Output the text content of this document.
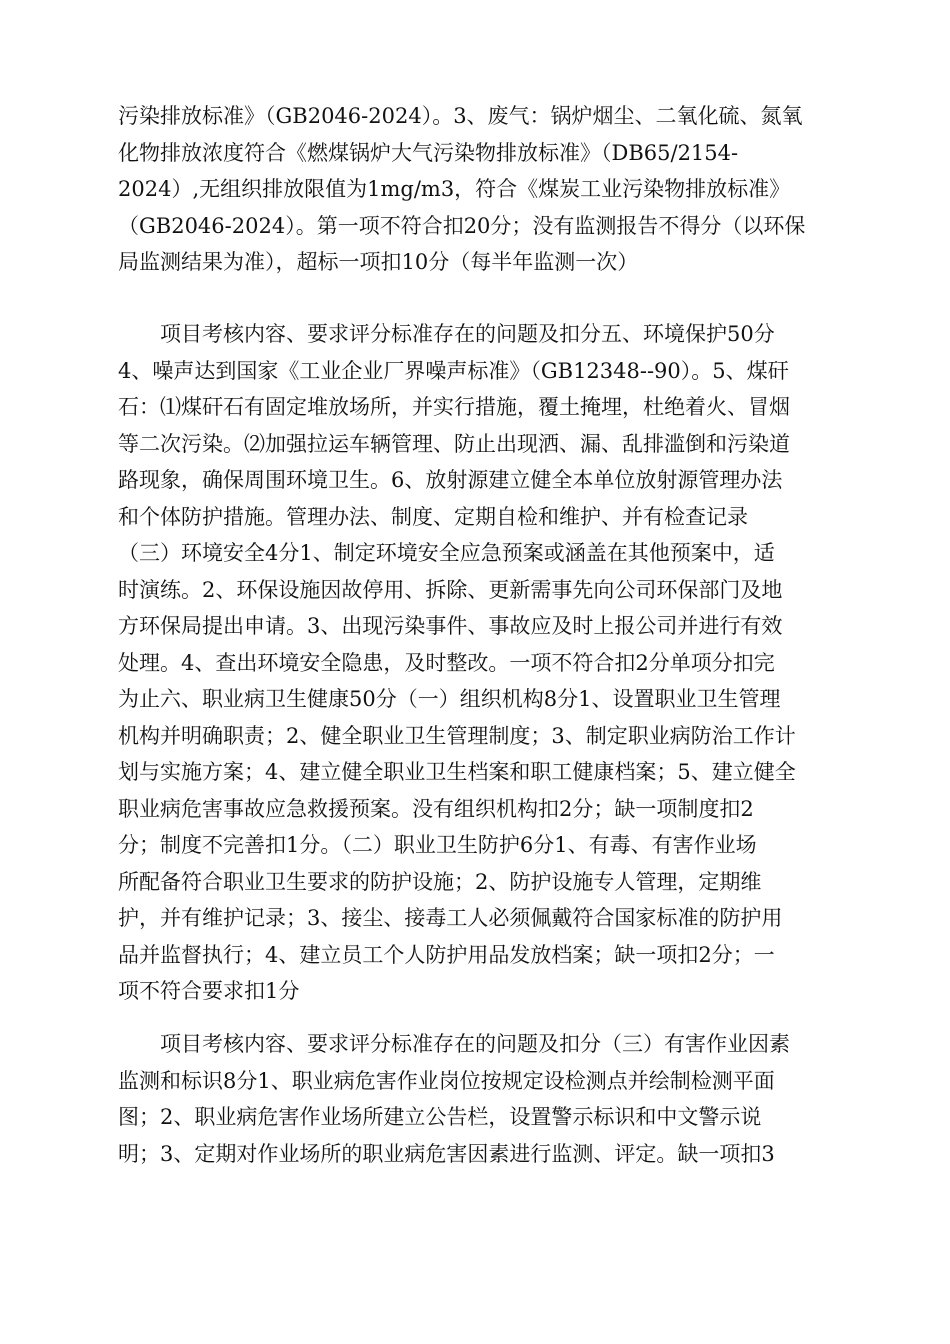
污染排放标准》（GB2046-2024）。3、废气：锅炉烟尘、二氧化硫、氮氧
化物排放浓度符合《燃煤锅炉大气污染物排放标准》（DB65/2154-
2024）,无组织排放限值为1mg/m3，符合《煤炭工业污染物排放标准》
（GB2046-2024）。第一项不符合扣20分；没有监测报告不得分（以环保
局监测结果为准），超标一项扣10分（每半年监测一次）
项目考核内容、要求评分标准存在的问题及扣分五、环境保护50分
4、噪声达到国家《工业企业厂界噪声标准》（GB12348--90）。5、煤矸
石：⑴煤矸石有固定堆放场所，并实行措施，覆土掩埋，杜绝着火、冒烟
等二次污染。⑵加强拉运车辆管理、防止出现洒、漏、乱排滥倒和污染道
路现象，确保周围环境卫生。6、放射源建立健全本单位放射源管理办法
和个体防护措施。管理办法、制度、定期自检和维护、并有检查记录
（三）环境安全4分1、制定环境安全应急预案或涵盖在其他预案中，适
时演练。2、环保设施因故停用、拆除、更新需事先向公司环保部门及地
方环保局提出申请。3、出现污染事件、事故应及时上报公司并进行有效
处理。4、查出环境安全隐患，及时整改。一项不符合扣2分单项分扣完
为止六、职业病卫生健康50分（一）组织机构8分1、设置职业卫生管理
机构并明确职责；2、健全职业卫生管理制度；3、制定职业病防治工作计
划与实施方案；4、建立健全职业卫生档案和职工健康档案；5、建立健全
职业病危害事故应急救援预案。没有组织机构扣2分；缺一项制度扣2
分；制度不完善扣1分。（二）职业卫生防护6分1、有毒、有害作业场
所配备符合职业卫生要求的防护设施；2、防护设施专人管理，定期维
护，并有维护记录；3、接尘、接毒工人必须佩戴符合国家标准的防护用
品并监督执行；4、建立员工个人防护用品发放档案；缺一项扣2分；一
项不符合要求扣1分
项目考核内容、要求评分标准存在的问题及扣分（三）有害作业因素
监测和标识8分1、职业病危害作业岗位按规定设检测点并绘制检测平面
图；2、职业病危害作业场所建立公告栏，设置警示标识和中文警示说
明；3、定期对作业场所的职业病危害因素进行监测、评定。缺一项扣3
